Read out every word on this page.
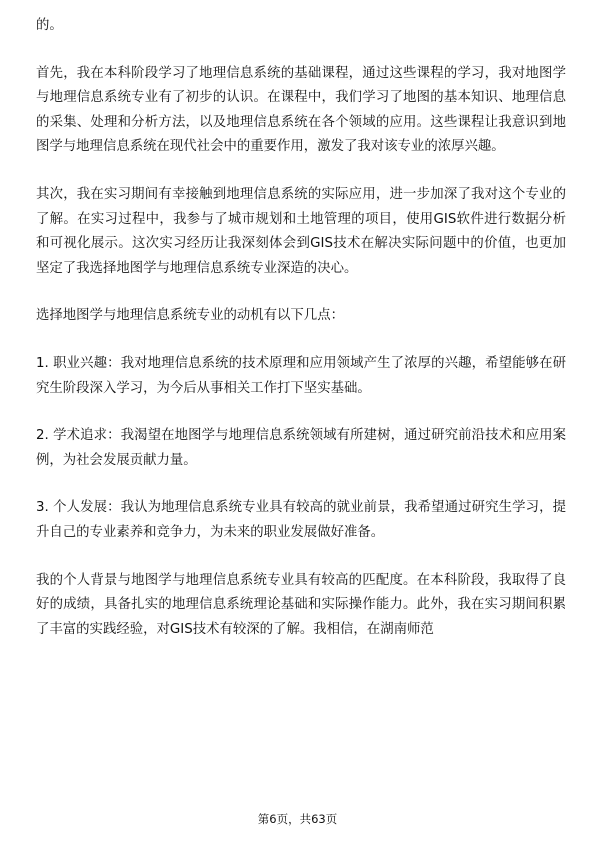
的。

首先，我在本科阶段学习了地理信息系统的基础课程，通过这些课程的学习，我对地图学与地理信息系统专业有了初步的认识。在课程中，我们学习了地图的基本知识、地理信息的采集、处理和分析方法，以及地理信息系统在各个领域的应用。这些课程让我意识到地图学与地理信息系统在现代社会中的重要作用，激发了我对该专业的浓厚兴趣。

其次，我在实习期间有幸接触到地理信息系统的实际应用，进一步加深了我对这个专业的了解。在实习过程中，我参与了城市规划和土地管理的项目，使用GIS软件进行数据分析和可视化展示。这次实习经历让我深刻体会到GIS技术在解决实际问题中的价值，也更加坚定了我选择地图学与地理信息系统专业深造的决心。

选择地图学与地理信息系统专业的动机有以下几点：

1. 职业兴趣：我对地理信息系统的技术原理和应用领域产生了浓厚的兴趣，希望能够在研究生阶段深入学习，为今后从事相关工作打下坚实基础。

2. 学术追求：我渴望在地图学与地理信息系统领域有所建树，通过研究前沿技术和应用案例，为社会发展贡献力量。

3. 个人发展：我认为地理信息系统专业具有较高的就业前景，我希望通过研究生学习，提升自己的专业素养和竞争力，为未来的职业发展做好准备。

我的个人背景与地图学与地理信息系统专业具有较高的匹配度。在本科阶段，我取得了良好的成绩，具备扎实的地理信息系统理论基础和实际操作能力。此外，我在实习期间积累了丰富的实践经验，对GIS技术有较深的了解。我相信，在湖南师范

第6页，共63页
